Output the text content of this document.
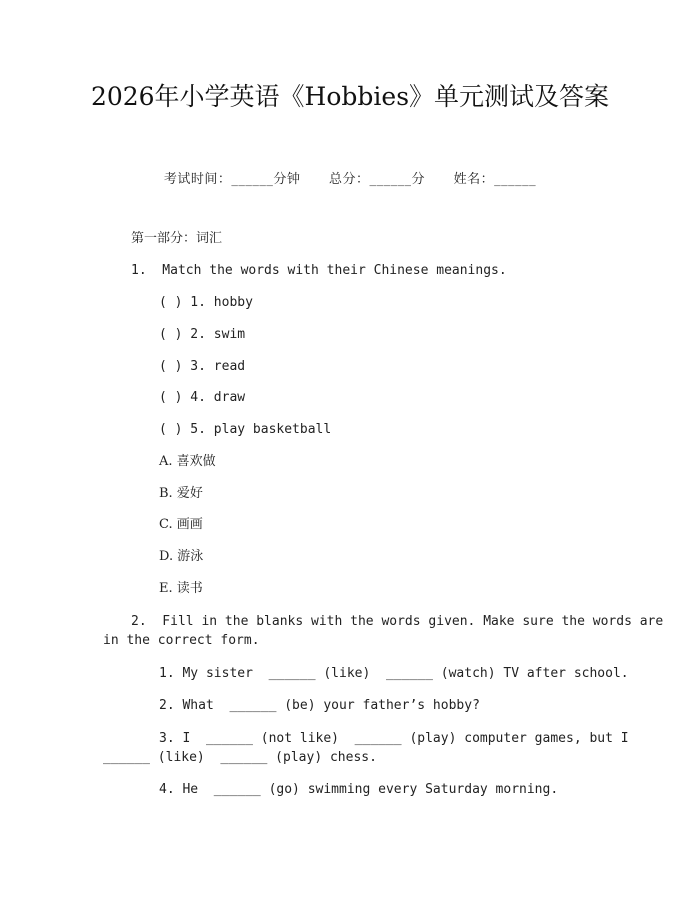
2026年小学英语《Hobbies》单元测试及答案
考试时间：______分钟 总分：______分 姓名：______
第一部分：词汇
1.  Match the words with their Chinese meanings.
( ) 1. hobby
( ) 2. swim
( ) 3. read
( ) 4. draw
( ) 5. play basketball
A. 喜欢做
B. 爱好
C. 画画
D. 游泳
E. 读书
2.  Fill in the blanks with the words given. Make sure the words are
in the correct form.
1. My sister  ______ (like)  ______ (watch) TV after school.
2. What  ______ (be) your father’s hobby?
3. I  ______ (not like)  ______ (play) computer games, but I
______ (like)  ______ (play) chess.
4. He  ______ (go) swimming every Saturday morning.
